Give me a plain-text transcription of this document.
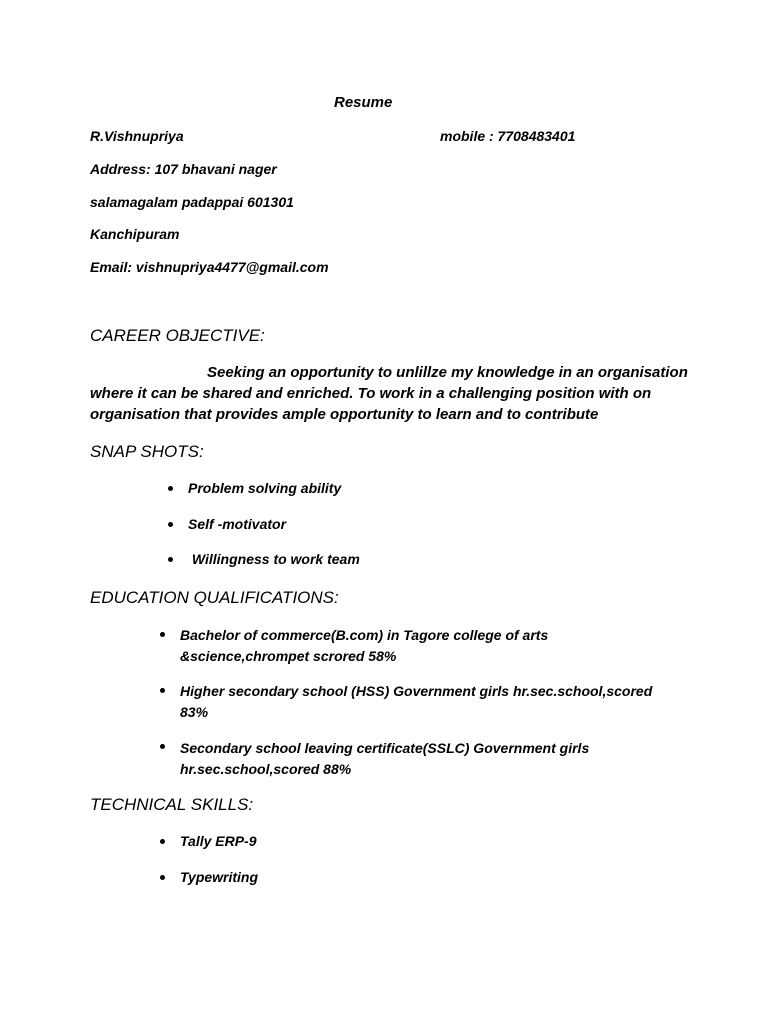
Resume
R.Vishnupriya	mobile : 7708483401
Address: 107 bhavani nager
salamagalam padappai 601301
Kanchipuram
Email: vishnupriya4477@gmail.com
CAREER OBJECTIVE:
Seeking an opportunity to unlillze my knowledge in an organisation where it can be shared and enriched. To work in a challenging position with on organisation that provides ample opportunity to learn and to contribute
SNAP SHOTS:
Problem solving ability
Self -motivator
Willingness to work team
EDUCATION QUALIFICATIONS:
Bachelor of commerce(B.com) in Tagore college of arts &science,chrompet scrored 58%
Higher secondary school (HSS) Government girls hr.sec.school,scored 83%
Secondary school leaving certificate(SSLC) Government girls hr.sec.school,scored 88%
TECHNICAL SKILLS:
Tally ERP-9
Typewriting
